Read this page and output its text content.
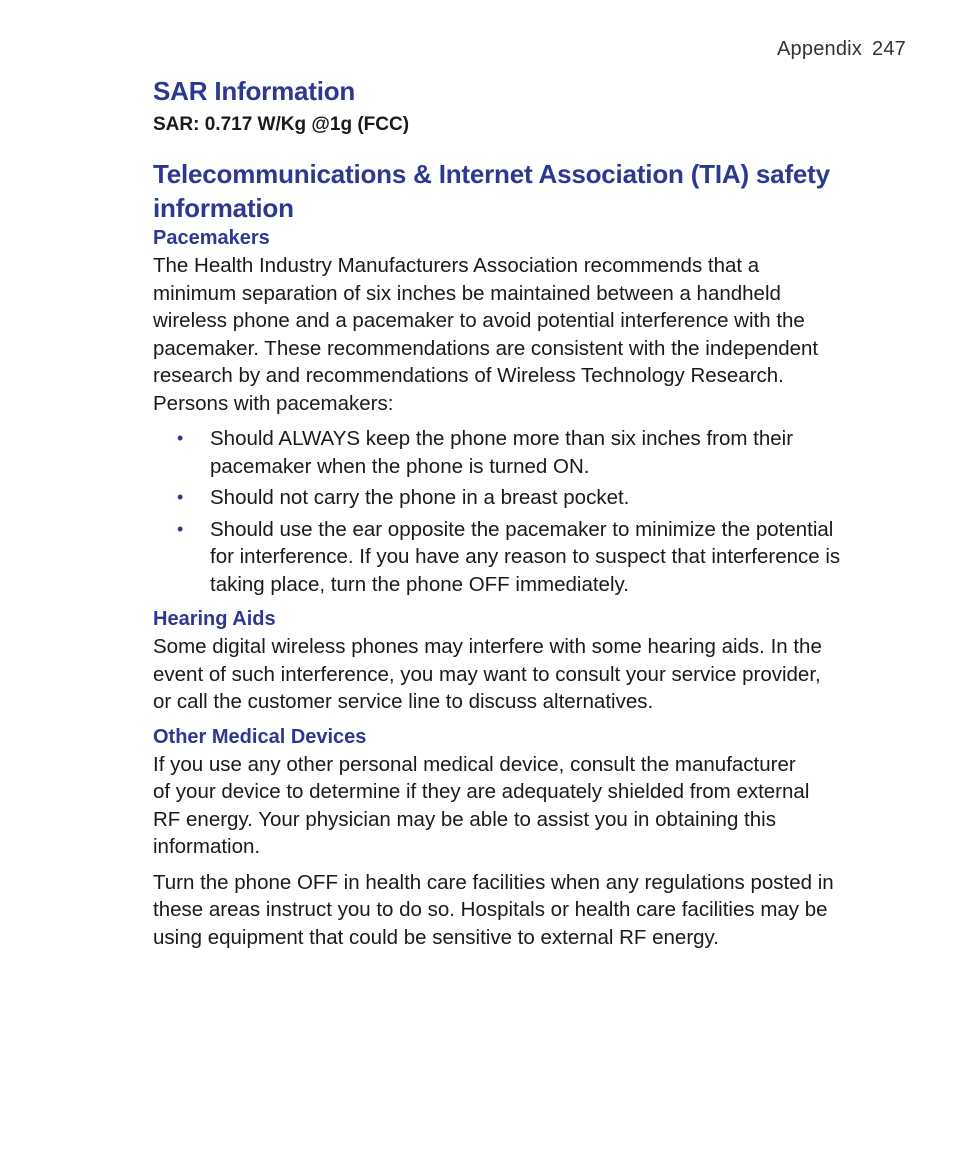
Appendix 247
SAR Information

SAR: 0.717 W/Kg @1g (FCC)

Telecommunications & Internet Association (TIA) safety
information
Pacemakers

The Health Industry Manufacturers Association recommends that a
minimum separation of six inches be maintained between a handheld
wireless phone and a pacemaker to avoid potential interference with the
pacemaker. These recommendations are consistent with the independent
research by and recommendations of Wireless Technology Research.
Persons with pacemakers:

• Should ALWAYS keep the phone more than six inches from their
pacemaker when the phone is turned ON.
• Should not carry the phone in a breast pocket.
• Should use the ear opposite the pacemaker to minimize the potential
for interference. If you have any reason to suspect that interference is
taking place, turn the phone OFF immediately.
Hearing Aids

Some digital wireless phones may interfere with some hearing aids. In the
event of such interference, you may want to consult your service provider,
or call the customer service line to discuss alternatives.

Other Medical Devices

If you use any other personal medical device, consult the manufacturer
of your device to determine if they are adequately shielded from external
RF energy. Your physician may be able to assist you in obtaining this
information.

Turn the phone OFF in health care facilities when any regulations posted in
these areas instruct you to do so. Hospitals or health care facilities may be
using equipment that could be sensitive to external RF energy.
